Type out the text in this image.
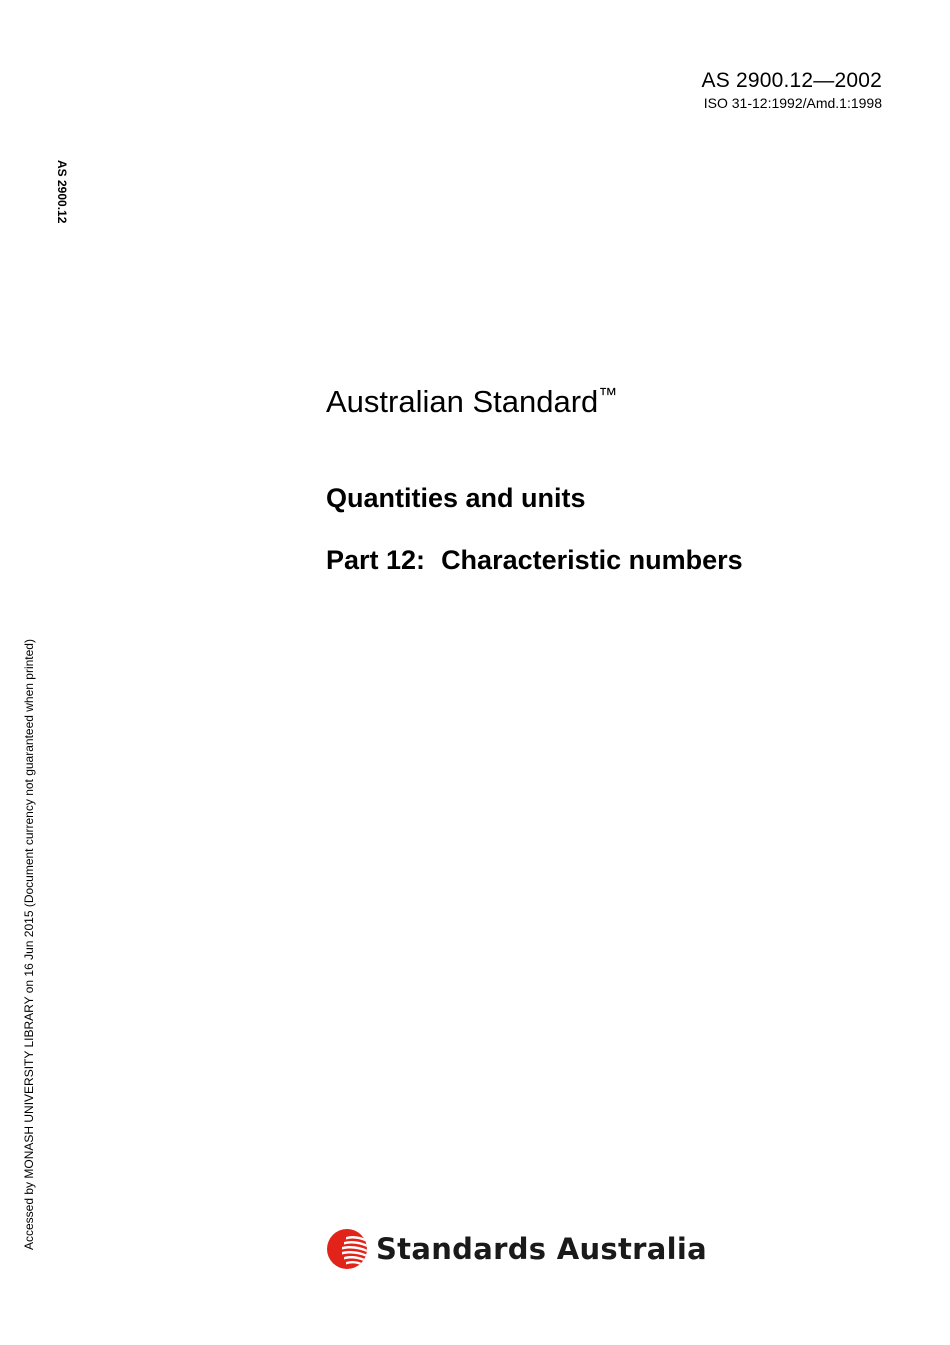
AS 2900.12—2002
ISO 31-12:1992/Amd.1:1998
AS 2900.12
Accessed by MONASH UNIVERSITY LIBRARY on 16 Jun 2015 (Document currency not guaranteed when printed)
Australian Standard™
Quantities and units
Part 12: Characteristic numbers
Standards Australia
